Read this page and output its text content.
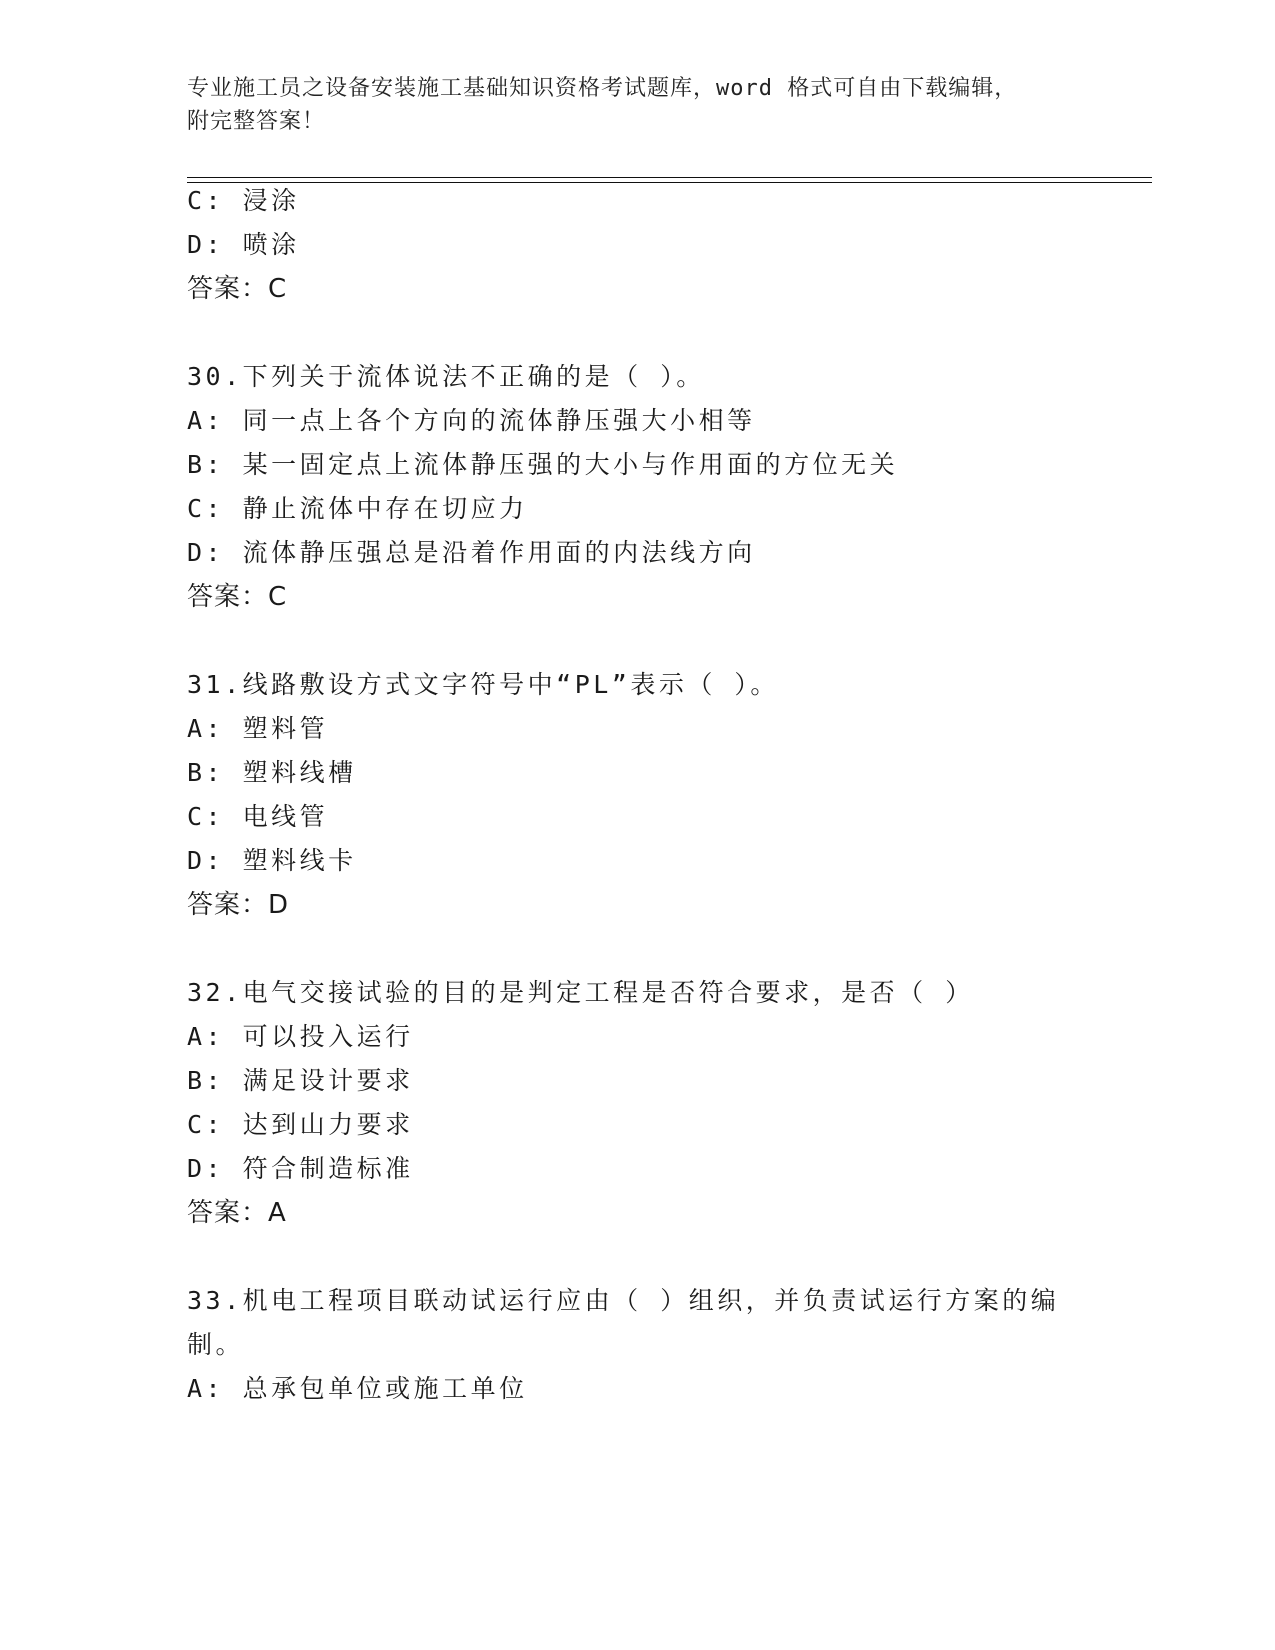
专业施工员之设备安装施工基础知识资格考试题库，word 格式可自由下载编辑，
附完整答案！
C: 浸涂
D: 喷涂
答案：C
30.下列关于流体说法不正确的是（ ）。
A: 同一点上各个方向的流体静压强大小相等
B: 某一固定点上流体静压强的大小与作用面的方位无关
C: 静止流体中存在切应力
D: 流体静压强总是沿着作用面的内法线方向
答案：C
31.线路敷设方式文字符号中“PL”表示（ ）。
A: 塑料管
B: 塑料线槽
C: 电线管
D: 塑料线卡
答案：D
32.电气交接试验的目的是判定工程是否符合要求，是否（ ）
A: 可以投入运行
B: 满足设计要求
C: 达到山力要求
D: 符合制造标准
答案：A
33.机电工程项目联动试运行应由（ ）组织，并负责试运行方案的编
制。
A: 总承包单位或施工单位
